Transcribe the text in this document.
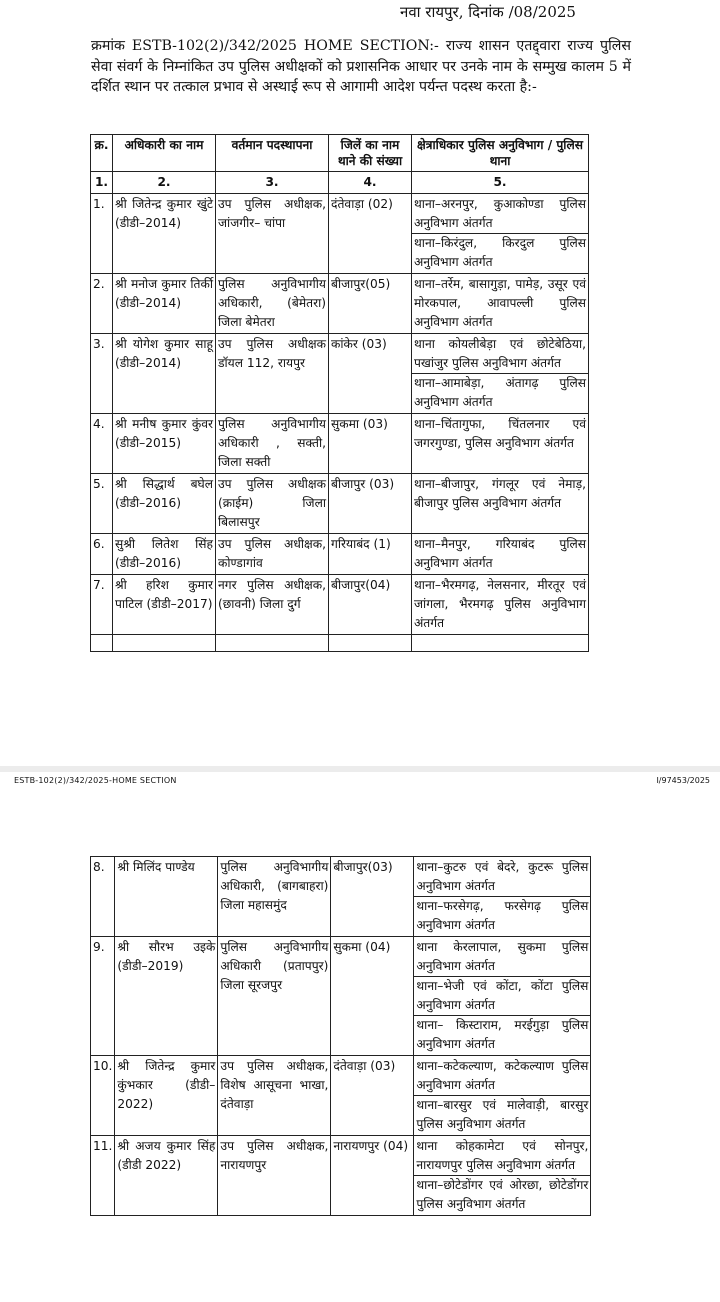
नवा रायपुर, दिनांक /08/2025
क्रमांक ESTB-102(2)/342/2025 HOME SECTION:- राज्य शासन एतद्द्वारा राज्य पुलिस सेवा संवर्ग के निम्नांकित उप पुलिस अधीक्षकों को प्रशासनिक आधार पर उनके नाम के सम्मुख कालम 5 में दर्शित स्थान पर तत्काल प्रभाव से अस्थाई रूप से आगामी आदेश पर्यन्त पदस्थ करता है:-
क्र.	अधिकारी का नाम	वर्तमान पदस्थापना	जिलें का नाम थाने की संख्या	क्षेत्राधिकार पुलिस अनुविभाग / पुलिस थाना
1.	2.	3.	4.	5.
1.	श्री जितेन्द्र कुमार खुंटे (डीडी–2014)	उप पुलिस अधीक्षक, जांजगीर– चांपा	दंतेवाड़ा (02)	थाना–अरनपुर, कुआकोण्डा पुलिस अनुविभाग अंतर्गत
थाना–किरंदुल, किरदुल पुलिस अनुविभाग अंतर्गत

2.	श्री मनोज कुमार तिर्की (डीडी–2014)	पुलिस अनुविभागीय अधिकारी, (बेमेतरा) जिला बेमेतरा	बीजापुर(05)	थाना–तर्रेम, बासागुड़ा, पामेड़, उसूर एवं मोरकपाल, आवापल्ली पुलिस अनुविभाग अंतर्गत

3.	श्री योगेश कुमार साहू (डीडी–2014)	उप पुलिस अधीक्षक डॉयल 112, रायपुर	कांकेर (03)	थाना कोयलीबेड़ा एवं छोटेबेठिया, पखांजुर पुलिस अनुविभाग अंतर्गत
थाना–आमाबेड़ा, अंतागढ़ पुलिस अनुविभाग अंतर्गत

4.	श्री मनीष कुमार कुंवर (डीडी–2015)	पुलिस अनुविभागीय अधिकारी , सक्ती, जिला सक्ती	सुकमा (03)	थाना–चिंतागुफा, चिंतलनार एवं जगरगुण्डा, पुलिस अनुविभाग अंतर्गत

5.	श्री सिद्धार्थ बघेल (डीडी–2016)	उप पुलिस अधीक्षक (क्राईम) जिला बिलासपुर	बीजापुर (03)	थाना–बीजापुर, गंगलूर एवं नेमाड़, बीजापुर पुलिस अनुविभाग अंतर्गत

6.	सुश्री लितेश सिंह (डीडी–2016)	उप पुलिस अधीक्षक, कोण्डागांव	गरियाबंद (1)	थाना–मैनपुर, गरियाबंद पुलिस अनुविभाग अंतर्गत

7.	श्री हरिश कुमार पाटिल (डीडी–2017)	नगर पुलिस अधीक्षक, (छावनी) जिला दुर्ग	बीजापुर(04)	थाना–भैरमगढ़, नेलसनार, मीरतूर एवं जांगला, भैरमगढ़ पुलिस अनुविभाग अंतर्गत

ESTB-102(2)/342/2025-HOME SECTION	I/97453/2025
8.	श्री मिलिंद पाण्डेय	पुलिस अनुविभागीय अधिकारी, (बागबाहरा) जिला महासमुंद	बीजापुर(03)	थाना–कुटरु एवं बेदरे, कुटरू पुलिस अनुविभाग अंतर्गत
थाना–फरसेगढ़, फरसेगढ़ पुलिस अनुविभाग अंतर्गत

9.	श्री सौरभ उइके (डीडी–2019)	पुलिस अनुविभागीय अधिकारी (प्रतापपुर) जिला सूरजपुर	सुकमा (04)	थाना केरलापाल, सुकमा पुलिस अनुविभाग अंतर्गत
थाना–भेजी एवं कोंटा, कोंटा पुलिस अनुविभाग अंतर्गत
थाना– किस्टाराम, मरईगुड़ा पुलिस अनुविभाग अंतर्गत

10.	श्री जितेन्द्र कुमार कुंभकार (डीडी–2022)	उप पुलिस अधीक्षक, विशेष आसूचना भाखा, दंतेवाड़ा	दंतेवाड़ा (03)	थाना–कटेकल्याण, कटेकल्याण पुलिस अनुविभाग अंतर्गत
थाना–बारसुर एवं मालेवाड़ी, बारसुर पुलिस अनुविभाग अंतर्गत

11.	श्री अजय कुमार सिंह (डीडी 2022)	उप पुलिस अधीक्षक, नारायणपुर	नारायणपुर (04)	थाना कोहकामेटा एवं सोनपुर, नारायणपुर पुलिस अनुविभाग अंतर्गत
थाना–छोटेडोंगर एवं ओरछा, छोटेडोंगर पुलिस अनुविभाग अंतर्गत
